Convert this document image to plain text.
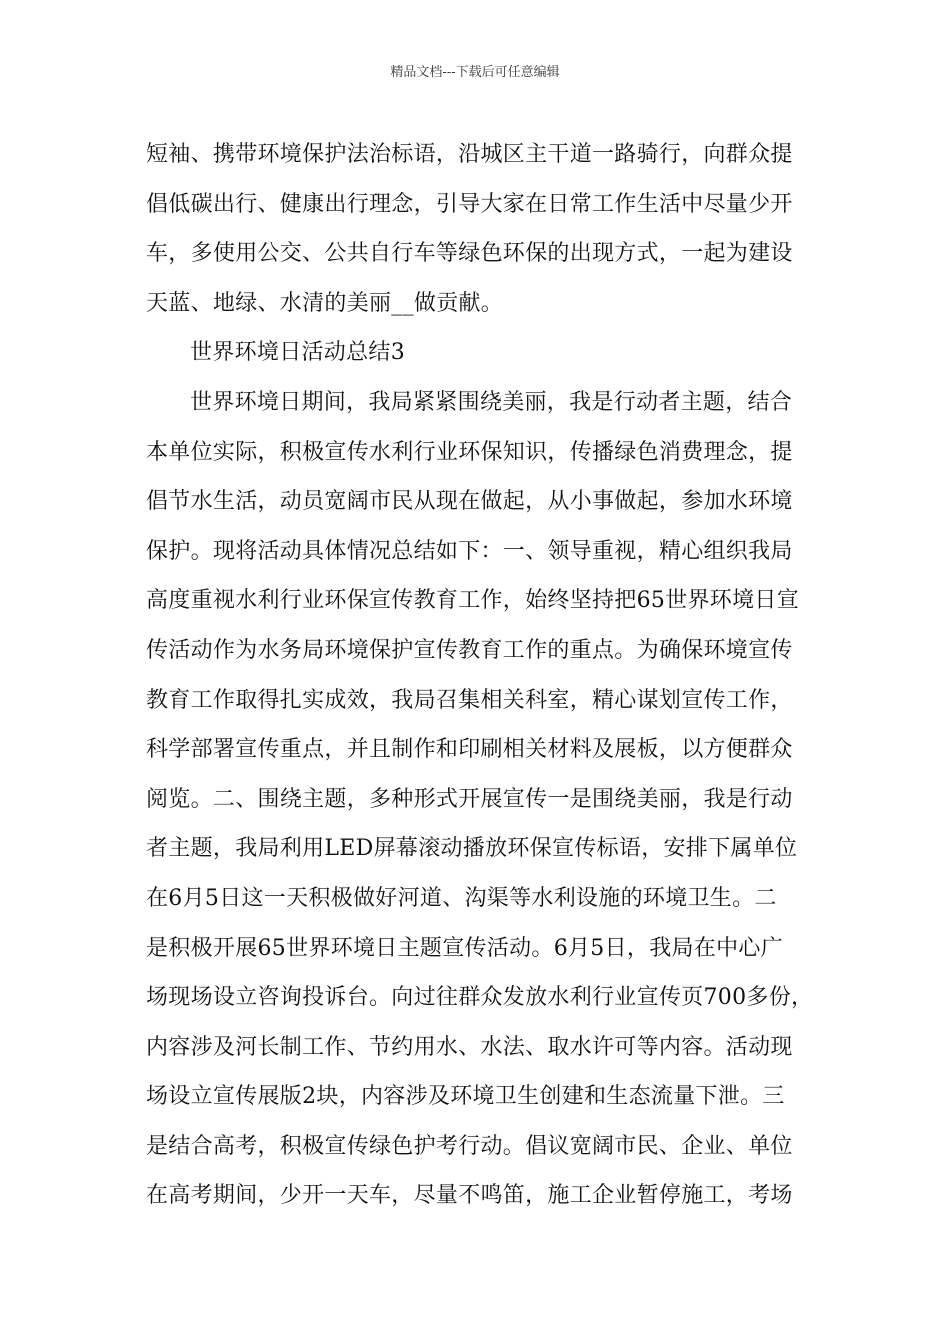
精品文档---下载后可任意编辑
短袖、携带环境保护法治标语，沿城区主干道一路骑行，向群众提
倡低碳出行、健康出行理念，引导大家在日常工作生活中尽量少开
车，多使用公交、公共自行车等绿色环保的出现方式，一起为建设
天蓝、地绿、水清的美丽__做贡献。
世界环境日活动总结3
世界环境日期间，我局紧紧围绕美丽，我是行动者主题，结合
本单位实际，积极宣传水利行业环保知识，传播绿色消费理念，提
倡节水生活，动员宽阔市民从现在做起，从小事做起，参加水环境
保护。现将活动具体情况总结如下：一、领导重视，精心组织我局
高度重视水利行业环保宣传教育工作，始终坚持把65世界环境日宣
传活动作为水务局环境保护宣传教育工作的重点。为确保环境宣传
教育工作取得扎实成效，我局召集相关科室，精心谋划宣传工作，
科学部署宣传重点，并且制作和印刷相关材料及展板，以方便群众
阅览。二、围绕主题，多种形式开展宣传一是围绕美丽，我是行动
者主题，我局利用LED屏幕滚动播放环保宣传标语，安排下属单位
在6月5日这一天积极做好河道、沟渠等水利设施的环境卫生。二
是积极开展65世界环境日主题宣传活动。6月5日，我局在中心广
场现场设立咨询投诉台。向过往群众发放水利行业宣传页700多份，
内容涉及河长制工作、节约用水、水法、取水许可等内容。活动现
场设立宣传展版2块，内容涉及环境卫生创建和生态流量下泄。三
是结合高考，积极宣传绿色护考行动。倡议宽阔市民、企业、单位
在高考期间，少开一天车，尽量不鸣笛，施工企业暂停施工，考场
